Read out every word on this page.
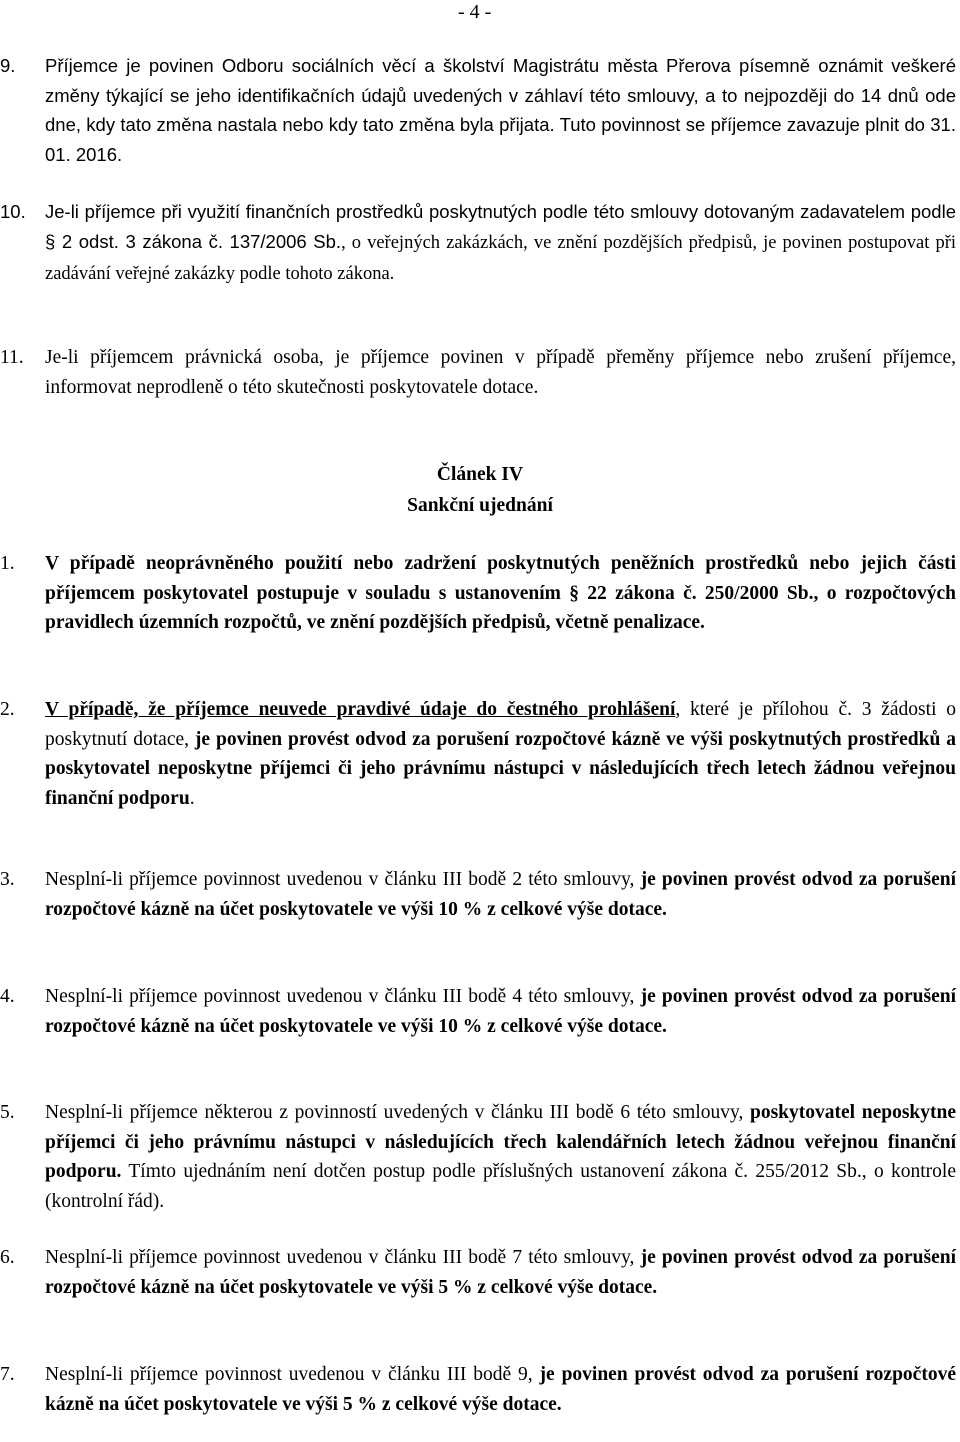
- 4 -
9.	Příjemce je povinen Odboru sociálních věcí a školství Magistrátu města Přerova písemně oznámit veškeré změny týkající se jeho identifikačních údajů uvedených v záhlaví této smlouvy, a to nejpozději do 14 dnů ode dne, kdy tato změna nastala nebo kdy tato změna byla přijata. Tuto povinnost se příjemce zavazuje plnit do 31. 01. 2016.
10.	Je-li příjemce při využití finančních prostředků poskytnutých podle této smlouvy dotovaným zadavatelem podle § 2 odst. 3 zákona č. 137/2006 Sb., o veřejných zakázkách, ve znění pozdějších předpisů, je povinen postupovat při zadávání veřejné zakázky podle tohoto zákona.
11.	Je-li příjemcem právnická osoba, je příjemce povinen v případě přeměny příjemce nebo zrušení příjemce, informovat neprodleně o této skutečnosti poskytovatele dotace.
Článek IV
Sankční ujednání
1.	V případě neoprávněného použití nebo zadržení poskytnutých peněžních prostředků nebo jejich části příjemcem poskytovatel postupuje v souladu s ustanovením § 22 zákona č. 250/2000 Sb., o rozpočtových pravidlech územních rozpočtů, ve znění pozdějších předpisů, včetně penalizace.
2.	V případě, že příjemce neuvede pravdivé údaje do čestného prohlášení, které je přílohou č. 3 žádosti o poskytnutí dotace, je povinen provést odvod za porušení rozpočtové kázně ve výši poskytnutých prostředků a poskytovatel neposkytne příjemci či jeho právnímu nástupci v následujících třech letech žádnou veřejnou finanční podporu.
3.	Nesplní-li příjemce povinnost uvedenou v článku III bodě 2 této smlouvy, je povinen provést odvod za porušení rozpočtové kázně na účet poskytovatele ve výši 10 % z celkové výše dotace.
4.	Nesplní-li příjemce povinnost uvedenou v článku III bodě 4 této smlouvy, je povinen provést odvod za porušení rozpočtové kázně na účet poskytovatele ve výši 10 % z celkové výše dotace.
5.	Nesplní-li příjemce některou z povinností uvedených v článku III bodě 6 této smlouvy, poskytovatel neposkytne příjemci či jeho právnímu nástupci v následujících třech kalendářních letech žádnou veřejnou finanční podporu. Tímto ujednáním není dotčen postup podle příslušných ustanovení zákona č. 255/2012 Sb., o kontrole (kontrolní řád).
6.	Nesplní-li příjemce povinnost uvedenou v článku III bodě 7 této smlouvy, je povinen provést odvod za porušení rozpočtové kázně na účet poskytovatele ve výši 5 % z celkové výše dotace.
7.	Nesplní-li příjemce povinnost uvedenou v článku III bodě 9, je povinen provést odvod za porušení rozpočtové kázně na účet poskytovatele ve výši 5 % z celkové výše dotace.
